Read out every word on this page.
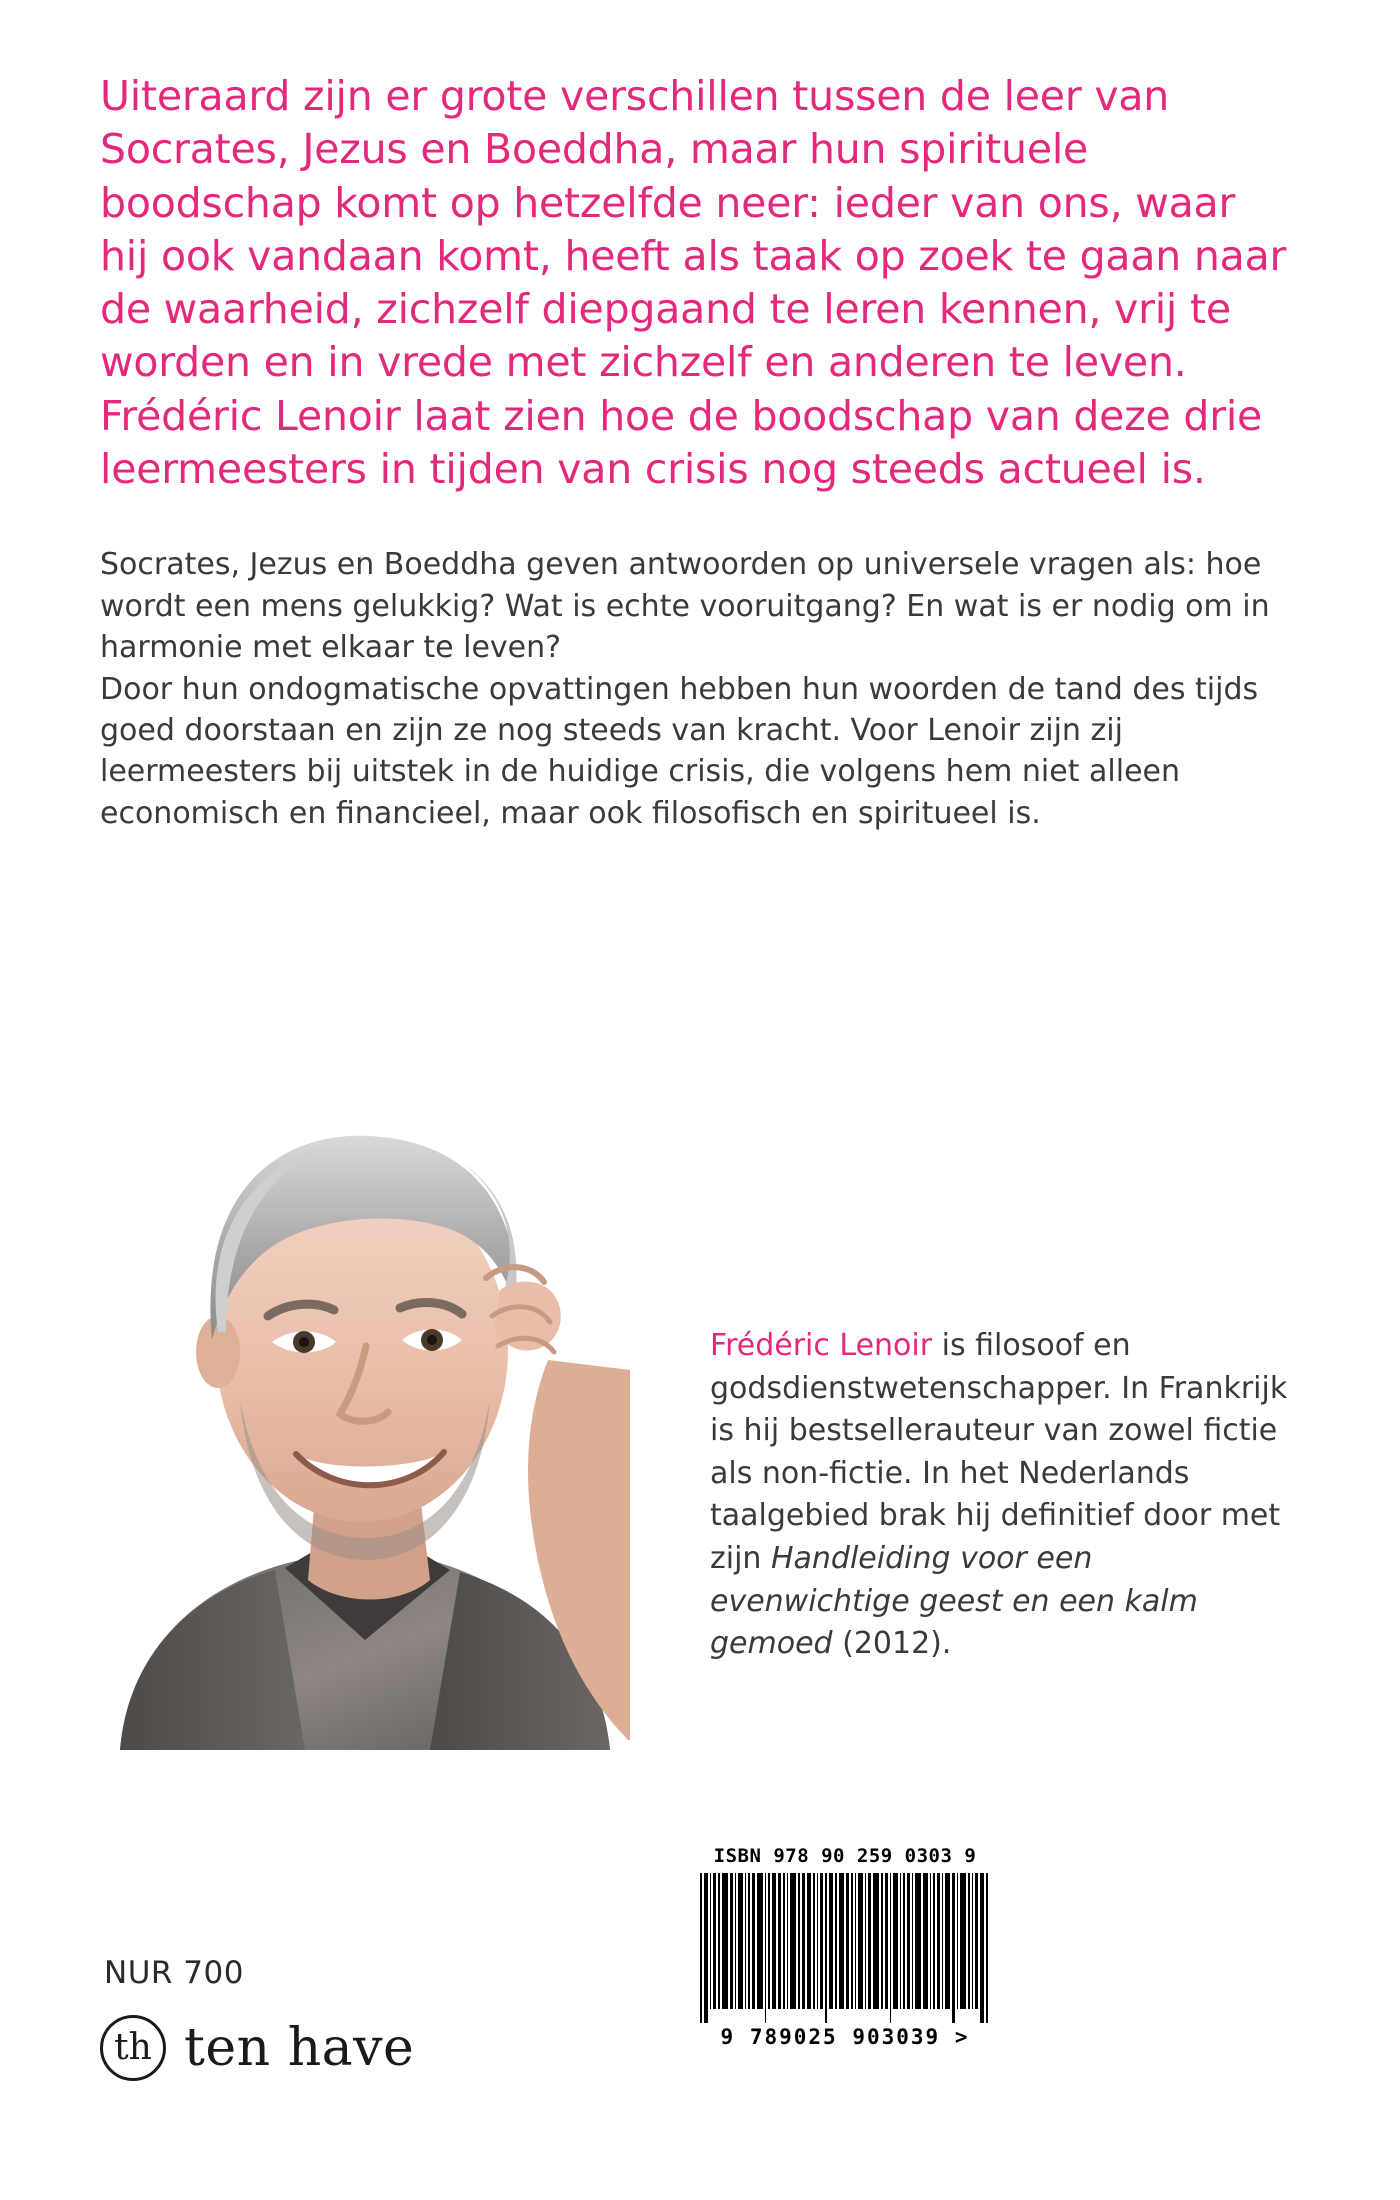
Uiteraard zijn er grote verschillen tussen de leer van Socrates, Jezus en Boeddha, maar hun spirituele boodschap komt op hetzelfde neer: ieder van ons, waar hij ook vandaan komt, heeft als taak op zoek te gaan naar de waarheid, zichzelf diepgaand te leren kennen, vrij te worden en in vrede met zichzelf en anderen te leven. Frédéric Lenoir laat zien hoe de boodschap van deze drie leermeesters in tijden van crisis nog steeds actueel is.

Socrates, Jezus en Boeddha geven antwoorden op universele vragen als: hoe wordt een mens gelukkig? Wat is echte vooruitgang? En wat is er nodig om in harmonie met elkaar te leven?

Door hun ondogmatische opvattingen hebben hun woorden de tand des tijds goed doorstaan en zijn ze nog steeds van kracht. Voor Lenoir zijn zij leermeesters bij uitstek in de huidige crisis, die volgens hem niet alleen economisch en financieel, maar ook filosofisch en spiritueel is.

Frédéric Lenoir is filosoof en godsdienstwetenschapper. In Frankrijk is hij bestsellerauteur van zowel fictie als non-fictie. In het Nederlands taalgebied brak hij definitief door met zijn Handleiding voor een evenwichtige geest en een kalm gemoed (2012).
NUR 700
th ten have
ISBN 978 90 259 0303 9
9 789025 903039 >
